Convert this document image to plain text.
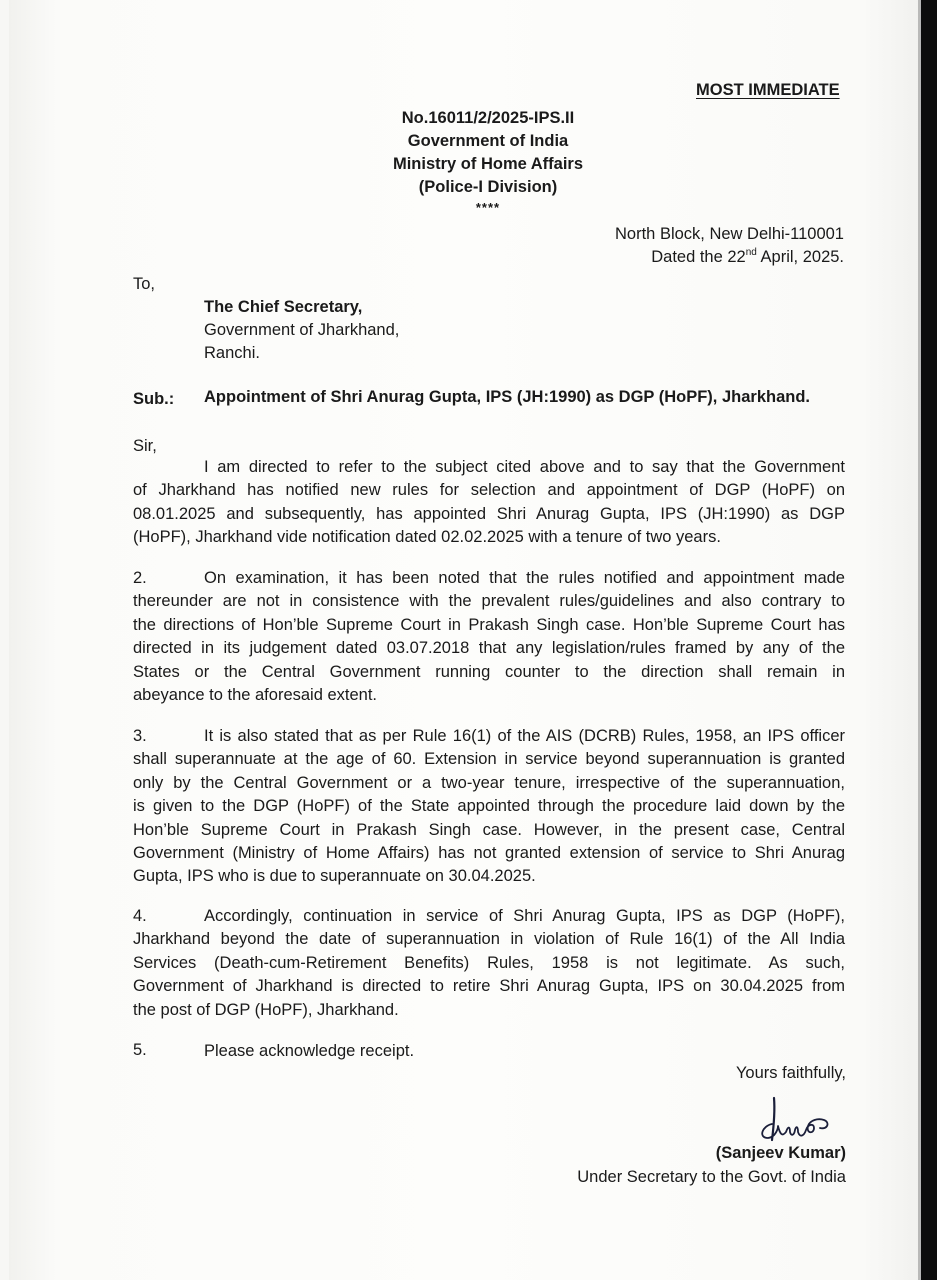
MOST IMMEDIATE
No.16011/2/2025-IPS.II
Government of India
Ministry of Home Affairs
(Police-I Division)
****
North Block, New Delhi-110001
Dated the 22nd April, 2025.
To,
The Chief Secretary,
Government of Jharkhand,
Ranchi.
Sub.: Appointment of Shri Anurag Gupta, IPS (JH:1990) as DGP (HoPF), Jharkhand.
Sir,
I am directed to refer to the subject cited above and to say that the Government
of Jharkhand has notified new rules for selection and appointment of DGP (HoPF) on
08.01.2025 and subsequently, has appointed Shri Anurag Gupta, IPS (JH:1990) as DGP
(HoPF), Jharkhand vide notification dated 02.02.2025 with a tenure of two years.
2.	On examination, it has been noted that the rules notified and appointment made
thereunder are not in consistence with the prevalent rules/guidelines and also contrary to
the directions of Hon’ble Supreme Court in Prakash Singh case. Hon’ble Supreme Court has
directed in its judgement dated 03.07.2018 that any legislation/rules framed by any of the
States or the Central Government running counter to the direction shall remain in
abeyance to the aforesaid extent.
3.	It is also stated that as per Rule 16(1) of the AIS (DCRB) Rules, 1958, an IPS officer
shall superannuate at the age of 60. Extension in service beyond superannuation is granted
only by the Central Government or a two-year tenure, irrespective of the superannuation,
is given to the DGP (HoPF) of the State appointed through the procedure laid down by the
Hon’ble Supreme Court in Prakash Singh case. However, in the present case, Central
Government (Ministry of Home Affairs) has not granted extension of service to Shri Anurag
Gupta, IPS who is due to superannuate on 30.04.2025.
4.	Accordingly, continuation in service of Shri Anurag Gupta, IPS as DGP (HoPF),
Jharkhand beyond the date of superannuation in violation of Rule 16(1) of the All India
Services (Death-cum-Retirement Benefits) Rules, 1958 is not legitimate. As such,
Government of Jharkhand is directed to retire Shri Anurag Gupta, IPS on 30.04.2025 from
the post of DGP (HoPF), Jharkhand.
5.	Please acknowledge receipt.
Yours faithfully,
(Sanjeev Kumar)
Under Secretary to the Govt. of India
